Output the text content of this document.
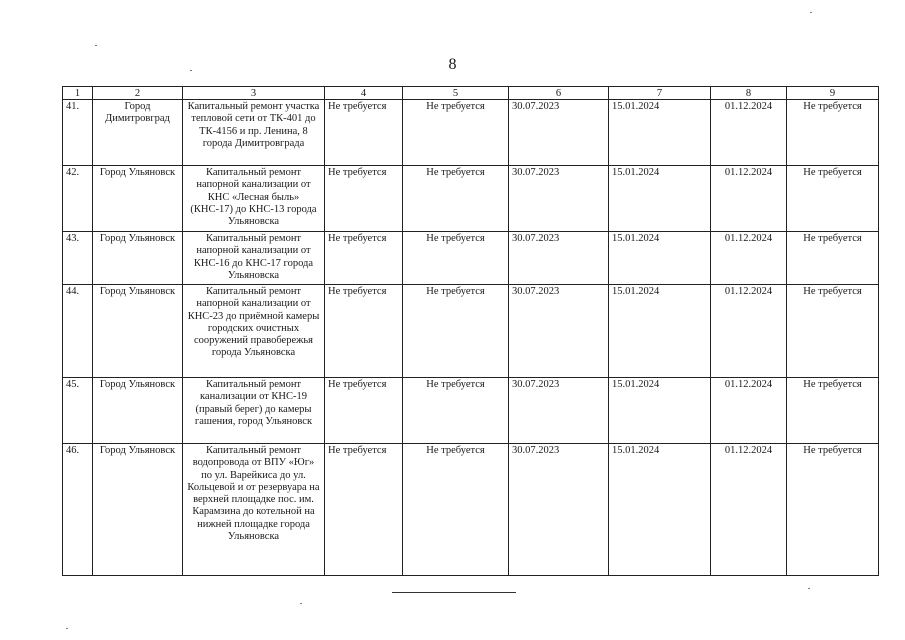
8
1	2	3	4	5	6	7	8	9
41.	Город Димитровград	Капитальный ремонт участка тепловой сети от ТК-401 до ТК-4156 и пр. Ленина, 8 города Димитровграда	Не требуется	Не требуется	30.07.2023	15.01.2024	01.12.2024	Не требуется
42.	Город Ульяновск	Капитальный ремонт напорной канализации от КНС «Лесная быль» (КНС-17) до КНС-13 города Ульяновска	Не требуется	Не требуется	30.07.2023	15.01.2024	01.12.2024	Не требуется
43.	Город Ульяновск	Капитальный ремонт напорной канализации от КНС-16 до КНС-17 города Ульяновска	Не требуется	Не требуется	30.07.2023	15.01.2024	01.12.2024	Не требуется
44.	Город Ульяновск	Капитальный ремонт напорной канализации от КНС-23 до приёмной камеры городских очистных сооружений правобережья города Ульяновска	Не требуется	Не требуется	30.07.2023	15.01.2024	01.12.2024	Не требуется
45.	Город Ульяновск	Капитальный ремонт канализации от КНС-19 (правый берег) до камеры гашения, город Ульяновск	Не требуется	Не требуется	30.07.2023	15.01.2024	01.12.2024	Не требуется
46.	Город Ульяновск	Капитальный ремонт водопровода от ВПУ «Юг» по ул. Варейкиса до ул. Кольцевой и от резервуара на верхней площадке пос. им. Карамзина до котельной на нижней площадке города Ульяновска	Не требуется	Не требуется	30.07.2023	15.01.2024	01.12.2024	Не требуется
